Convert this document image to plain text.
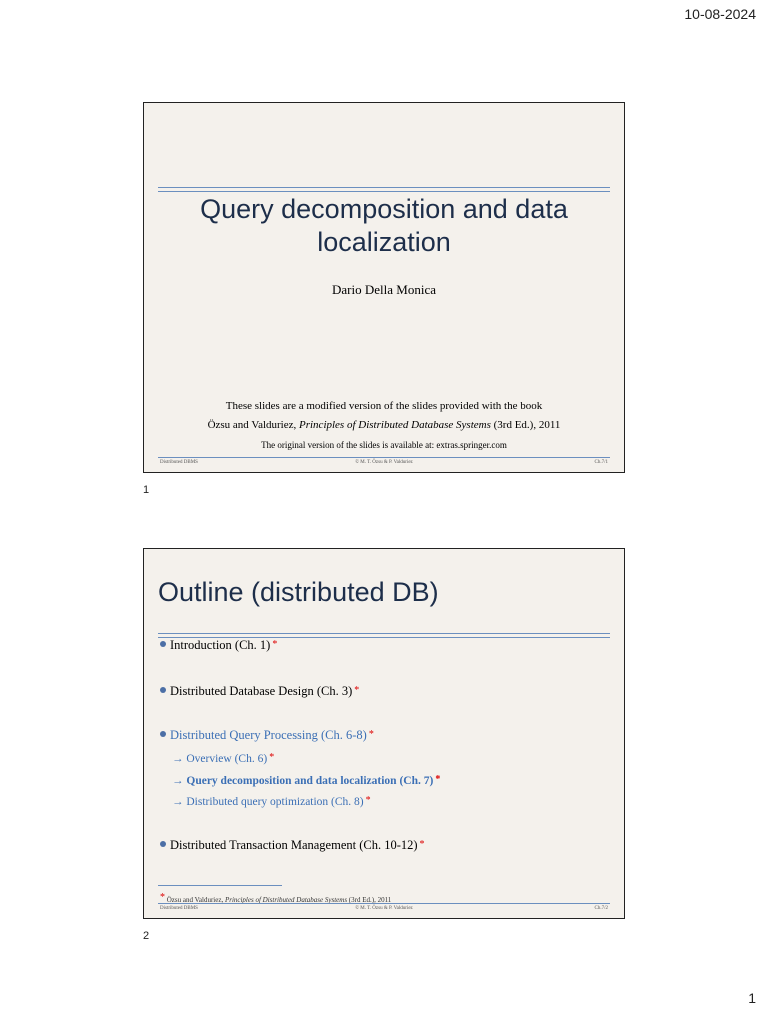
10-08-2024
Query decomposition and data
localization
Dario Della Monica
These slides are a modified version of the slides provided with the book
Özsu and Valduriez, Principles of Distributed Database Systems (3rd Ed.), 2011
The original version of the slides is available at: extras.springer.com
Distributed DBMS	© M. T. Özsu & P. Valduriez	Ch.7/1
1
Outline (distributed DB)
Introduction (Ch. 1) *
Distributed Database Design (Ch. 3) *
Distributed Query Processing (Ch. 6-8) *
→ Overview (Ch. 6) *
→ Query decomposition and data localization (Ch. 7) *
→ Distributed query optimization (Ch. 8) *
Distributed Transaction Management (Ch. 10-12) *
* Özsu and Valduriez, Principles of Distributed Database Systems (3rd Ed.), 2011
Distributed DBMS	© M. T. Özsu & P. Valduriez	Ch.7/2
2
1
